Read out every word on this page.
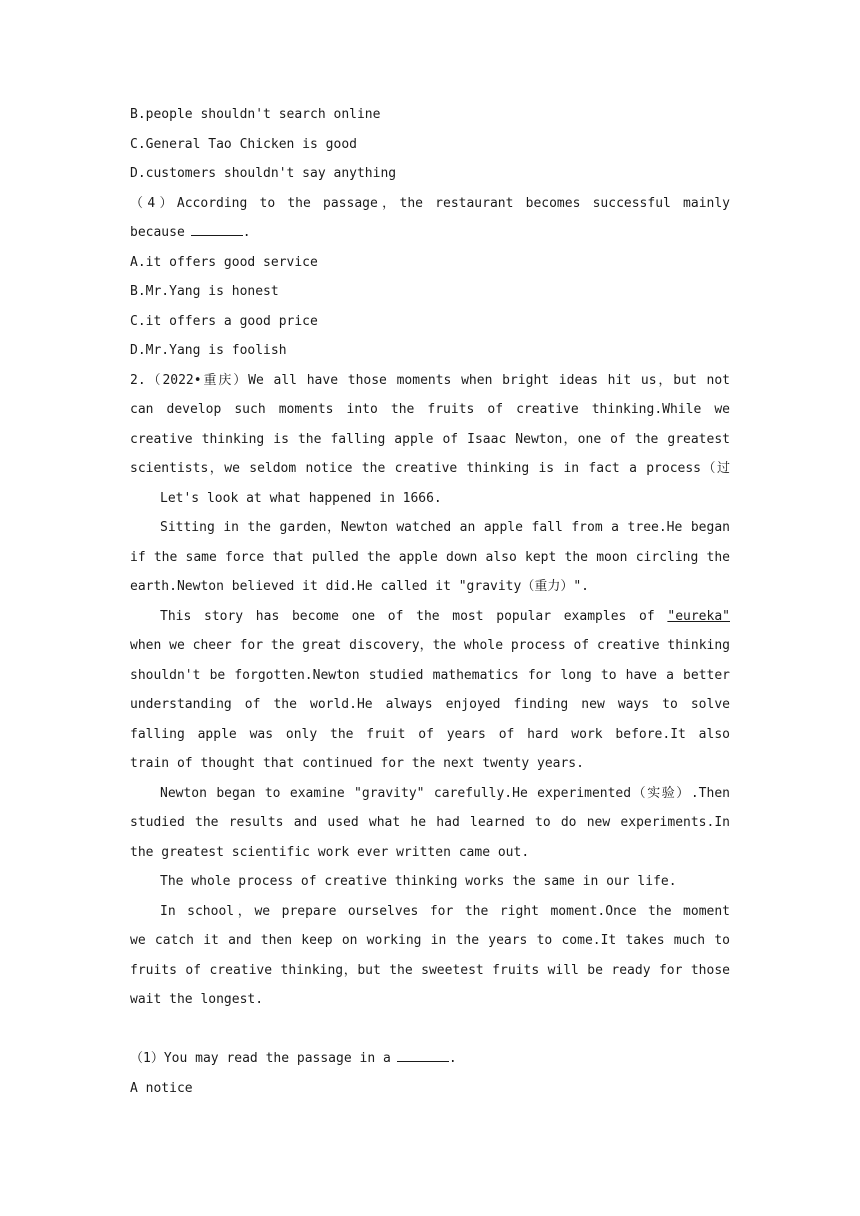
B.people shouldn't search online
C.General Tao Chicken is good
D.customers shouldn't say anything
（4）According to the passage，the restaurant becomes successful mainly
because	.
A.it offers good service
B.Mr.Yang is honest
C.it offers a good price
D.Mr.Yang is foolish
2.（2022•重庆）We all have those moments when bright ideas hit us，but not
can develop such moments into the fruits of creative thinking.While we
creative thinking is the falling apple of Isaac Newton，one of the greatest
scientists，we seldom notice the creative thinking is in fact a process（过
Let's look at what happened in 1666.
Sitting in the garden，Newton watched an apple fall from a tree.He began
if the same force that pulled the apple down also kept the moon circling the
earth.Newton believed it did.He called it "gravity（重力）".
This story has become one of the most popular examples of "eureka"
when we cheer for the great discovery，the whole process of creative thinking
shouldn't be forgotten.Newton studied mathematics for long to have a better
understanding of the world.He always enjoyed finding new ways to solve
falling apple was only the fruit of years of hard work before.It also
train of thought that continued for the next twenty years.
Newton began to examine "gravity" carefully.He experimented（实验）.Then
studied the results and used what he had learned to do new experiments.In
the greatest scientific work ever written came out.
The whole process of creative thinking works the same in our life.
In school，we prepare ourselves for the right moment.Once the moment
we catch it and then keep on working in the years to come.It takes much to
fruits of creative thinking，but the sweetest fruits will be ready for those
wait the longest.
（1）You may read the passage in a	.
A notice
